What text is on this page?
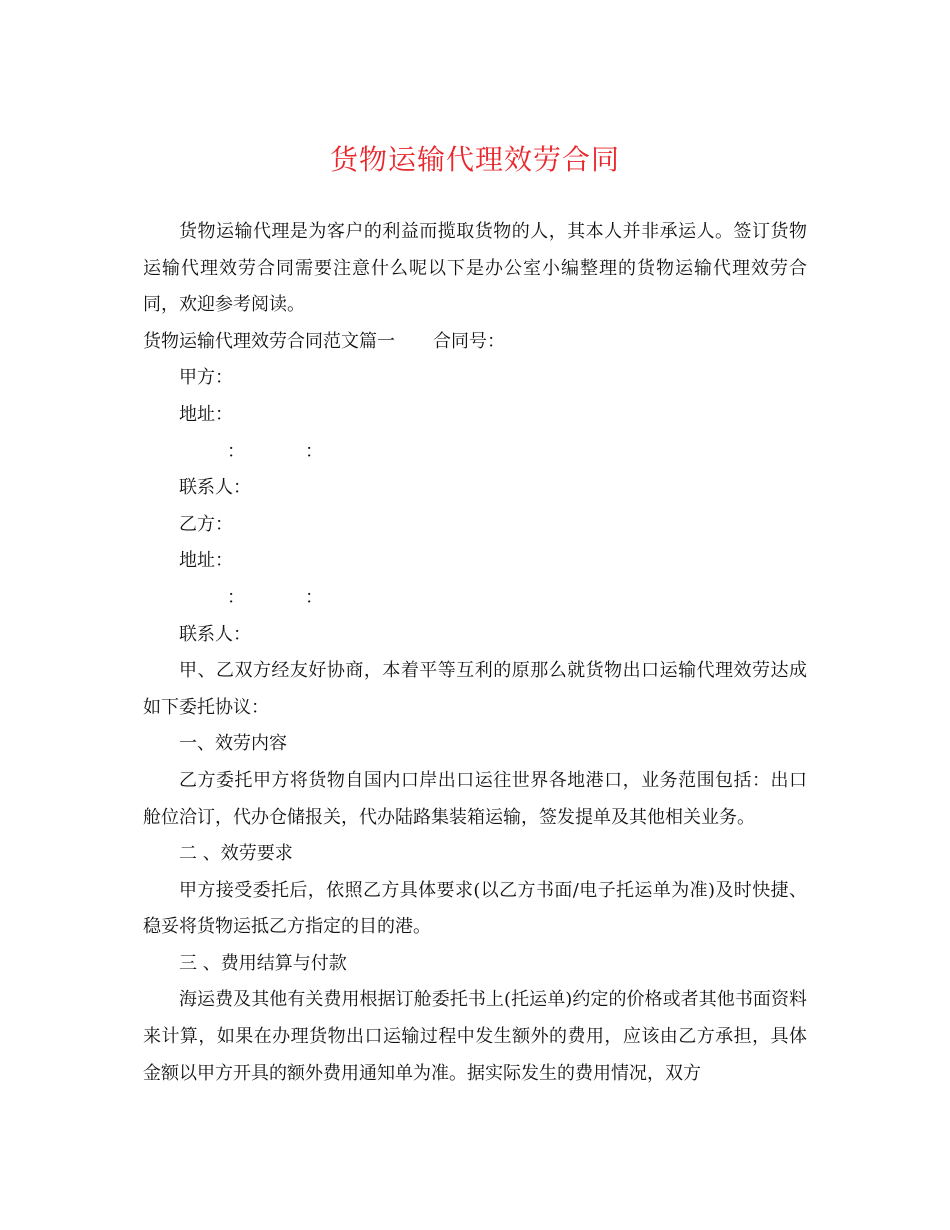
货物运输代理效劳合同

货物运输代理是为客户的利益而揽取货物的人，其本人并非承运人。签订货物运输代理效劳合同需要注意什么呢以下是办公室小编整理的货物运输代理效劳合同，欢迎参考阅读。

货物运输代理效劳合同范文篇一 合同号：

甲方：

地址：

：	：

联系人：

乙方：

地址：

：	：

联系人：

甲、乙双方经友好协商，本着平等互利的原那么就货物出口运输代理效劳达成如下委托协议：

一、效劳内容

乙方委托甲方将货物自国内口岸出口运往世界各地港口，业务范围包括：出口舱位洽订，代办仓储报关，代办陆路集装箱运输，签发提单及其他相关业务。

二 、效劳要求

甲方接受委托后，依照乙方具体要求(以乙方书面/电子托运单为准)及时快捷、稳妥将货物运抵乙方指定的目的港。

三 、费用结算与付款

海运费及其他有关费用根据订舱委托书上(托运单)约定的价格或者其他书面资料来计算，如果在办理货物出口运输过程中发生额外的费用，应该由乙方承担，具体金额以甲方开具的额外费用通知单为准。据实际发生的费用情况，双方
